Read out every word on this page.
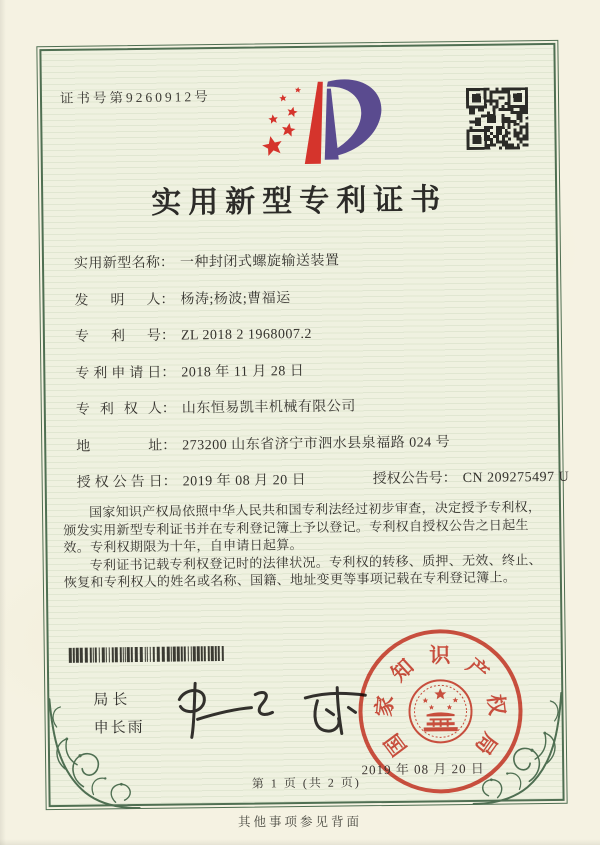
证书号第9260912号
实用新型专利证书
实用新型名称： 一种封闭式螺旋输送装置
发明人： 杨涛;杨波;曹福运
专利号： ZL 2018 2 1968007.2
专利申请日： 2018 年 11 月 28 日
专利权人： 山东恒易凯丰机械有限公司
地址： 273200 山东省济宁市泗水县泉福路 024 号
授权公告日： 2019 年 08 月 20 日	授权公告号： CN 209275497 U

国家知识产权局依照中华人民共和国专利法经过初步审查，决定授予专利权，颁发实用新型专利证书并在专利登记簿上予以登记。专利权自授权公告之日起生效。专利权期限为十年，自申请日起算。

专利证书记载专利权登记时的法律状况。专利权的转移、质押、无效、终止、恢复和专利权人的姓名或名称、国籍、地址变更等事项记载在专利登记簿上。

局长
申长雨
国
家
知 识 产
权
局
2019 年 08 月 20 日
第 1 页 (共 2 页)
其他事项参见背面
